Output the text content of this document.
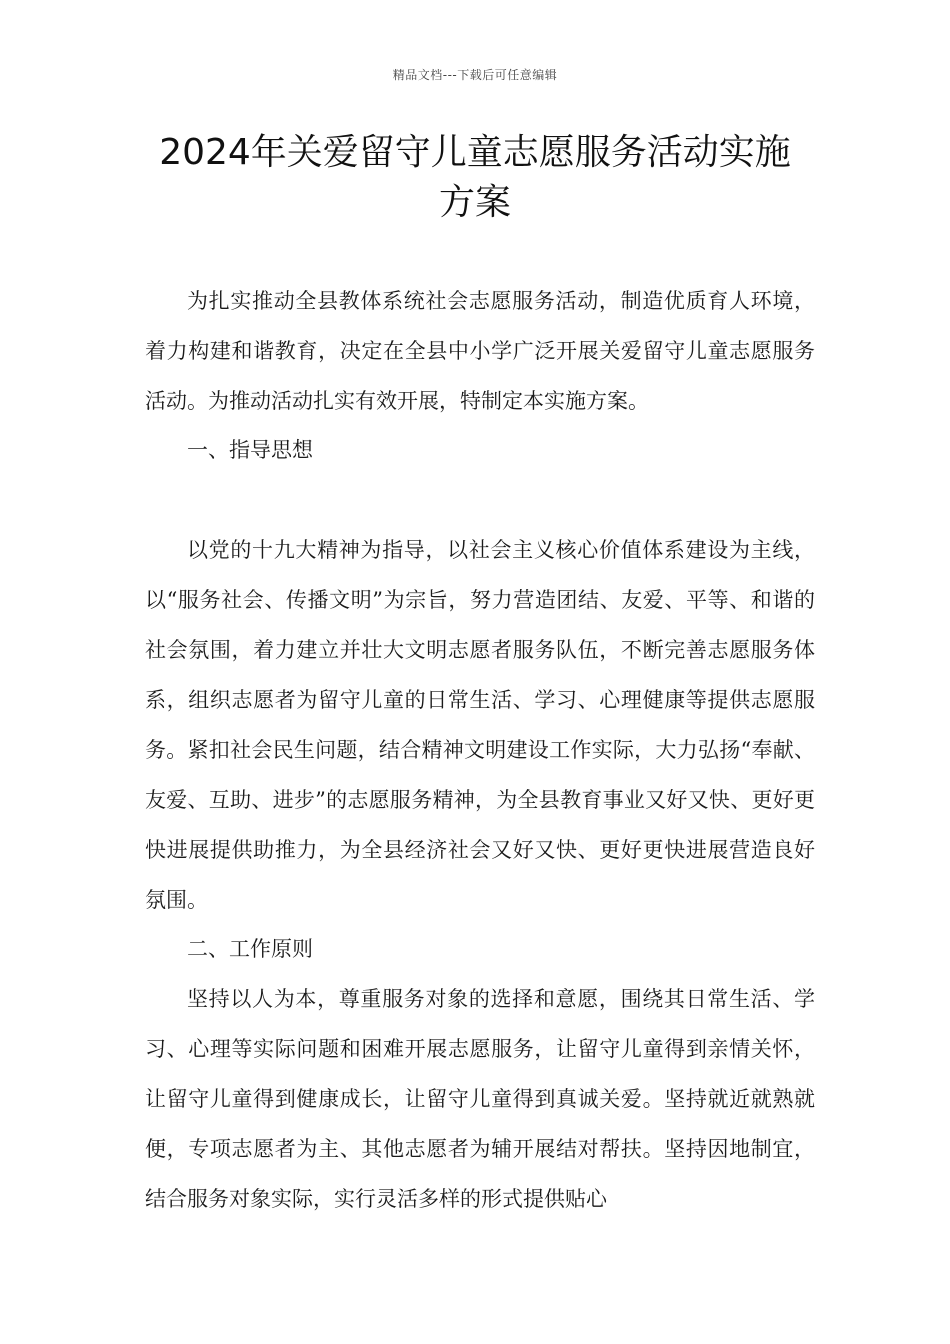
精品文档---下载后可任意编辑
2024年关爱留守儿童志愿服务活动实施
方案

为扎实推动全县教体系统社会志愿服务活动，制造优质育人环境，着力构建和谐教育，决定在全县中小学广泛开展关爱留守儿童志愿服务活动。为推动活动扎实有效开展，特制定本实施方案。

一、指导思想

以党的十九大精神为指导，以社会主义核心价值体系建设为主线，以“服务社会、传播文明”为宗旨，努力营造团结、友爱、平等、和谐的社会氛围，着力建立并壮大文明志愿者服务队伍，不断完善志愿服务体系，组织志愿者为留守儿童的日常生活、学习、心理健康等提供志愿服务。紧扣社会民生问题，结合精神文明建设工作实际，大力弘扬“奉献、友爱、互助、进步”的志愿服务精神，为全县教育事业又好又快、更好更快进展提供助推力，为全县经济社会又好又快、更好更快进展营造良好氛围。

二、工作原则

坚持以人为本，尊重服务对象的选择和意愿，围绕其日常生活、学习、心理等实际问题和困难开展志愿服务，让留守儿童得到亲情关怀，让留守儿童得到健康成长，让留守儿童得到真诚关爱。坚持就近就熟就便，专项志愿者为主、其他志愿者为辅开展结对帮扶。坚持因地制宜，结合服务对象实际，实行灵活多样的形式提供贴心
